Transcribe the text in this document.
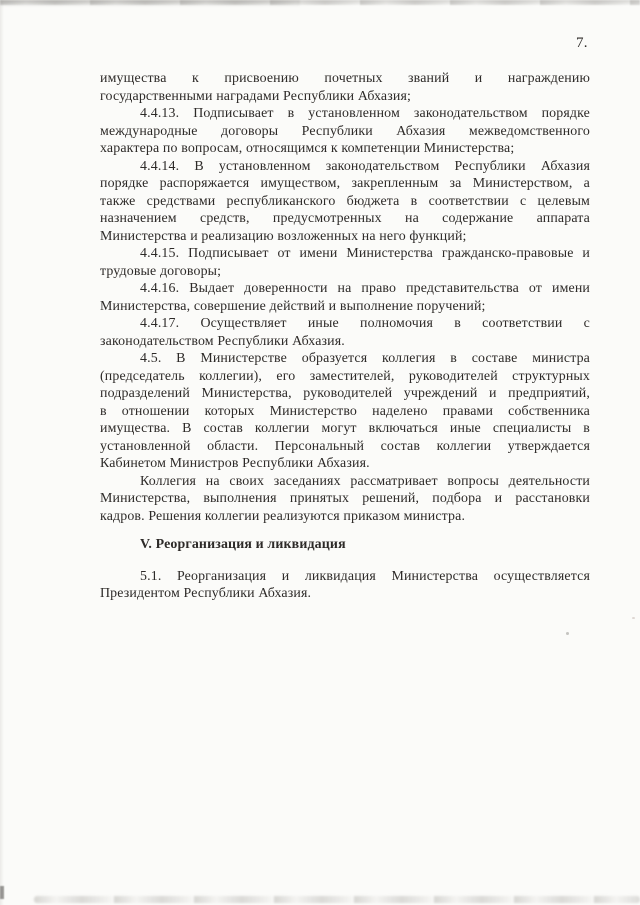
7.
имущества к присвоению почетных званий и награждению
государственными наградами Республики Абхазия;
4.4.13. Подписывает в установленном законодательством порядке
международные договоры Республики Абхазия межведомственного
характера по вопросам, относящимся к компетенции Министерства;
4.4.14. В установленном законодательством Республики Абхазия
порядке распоряжается имуществом, закрепленным за Министерством, а
также средствами республиканского бюджета в соответствии с целевым
назначением средств, предусмотренных на содержание аппарата
Министерства и реализацию возложенных на него функций;
4.4.15. Подписывает от имени Министерства гражданско-правовые и
трудовые договоры;
4.4.16. Выдает доверенности на право представительства от имени
Министерства, совершение действий и выполнение поручений;
4.4.17. Осуществляет иные полномочия в соответствии с
законодательством Республики Абхазия.
4.5. В Министерстве образуется коллегия в составе министра
(председатель коллегии), его заместителей, руководителей структурных
подразделений Министерства, руководителей учреждений и предприятий,
в отношении которых Министерство наделено правами собственника
имущества. В состав коллегии могут включаться иные специалисты в
установленной области. Персональный состав коллегии утверждается
Кабинетом Министров Республики Абхазия.
Коллегия на своих заседаниях рассматривает вопросы деятельности
Министерства, выполнения принятых решений, подбора и расстановки
кадров. Решения коллегии реализуются приказом министра.
V. Реорганизация и ликвидация
5.1. Реорганизация и ликвидация Министерства осуществляется
Президентом Республики Абхазия.
